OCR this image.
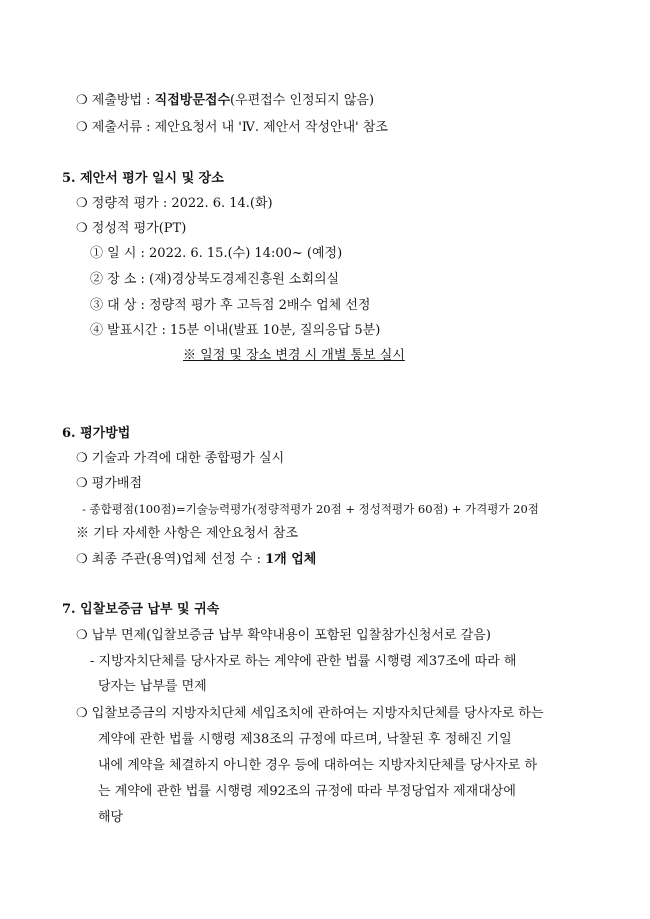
❍ 제출방법 : 직접방문접수(우편접수 인정되지 않음)
❍ 제출서류 : 제안요청서 내 'Ⅳ. 제안서 작성안내' 참조
5. 제안서 평가 일시 및 장소
❍ 정량적 평가 : 2022. 6. 14.(화)
❍ 정성적 평가(PT)
① 일 시 : 2022. 6. 15.(수) 14:00~ (예정)
② 장 소 : (재)경상북도경제진흥원 소회의실
③ 대 상 : 정량적 평가 후 고득점 2배수 업체 선정
④ 발표시간 : 15분 이내(발표 10분, 질의응답 5분)
※ 일정 및 장소 변경 시 개별 통보 실시
6. 평가방법
❍ 기술과 가격에 대한 종합평가 실시
❍ 평가배점
- 종합평점(100점)=기술능력평가(정량적평가 20점 + 정성적평가 60점) + 가격평가 20점
※ 기타 자세한 사항은 제안요청서 참조
❍ 최종 주관(용역)업체 선정 수 : 1개 업체
7. 입찰보증금 납부 및 귀속
❍ 납부 면제(입찰보증금 납부 확약내용이 포함된 입찰참가신청서로 갈음)
- 지방자치단체를 당사자로 하는 계약에 관한 법률 시행령 제37조에 따라 해
당자는 납부를 면제
❍ 입찰보증금의 지방자치단체 세입조치에 관하여는 지방자치단체를 당사자로 하는
계약에 관한 법률 시행령 제38조의 규정에 따르며, 낙찰된 후 정해진 기일
내에 계약을 체결하지 아니한 경우 등에 대하여는 지방자치단체를 당사자로 하
는 계약에 관한 법률 시행령 제92조의 규정에 따라 부정당업자 제재대상에
해당
